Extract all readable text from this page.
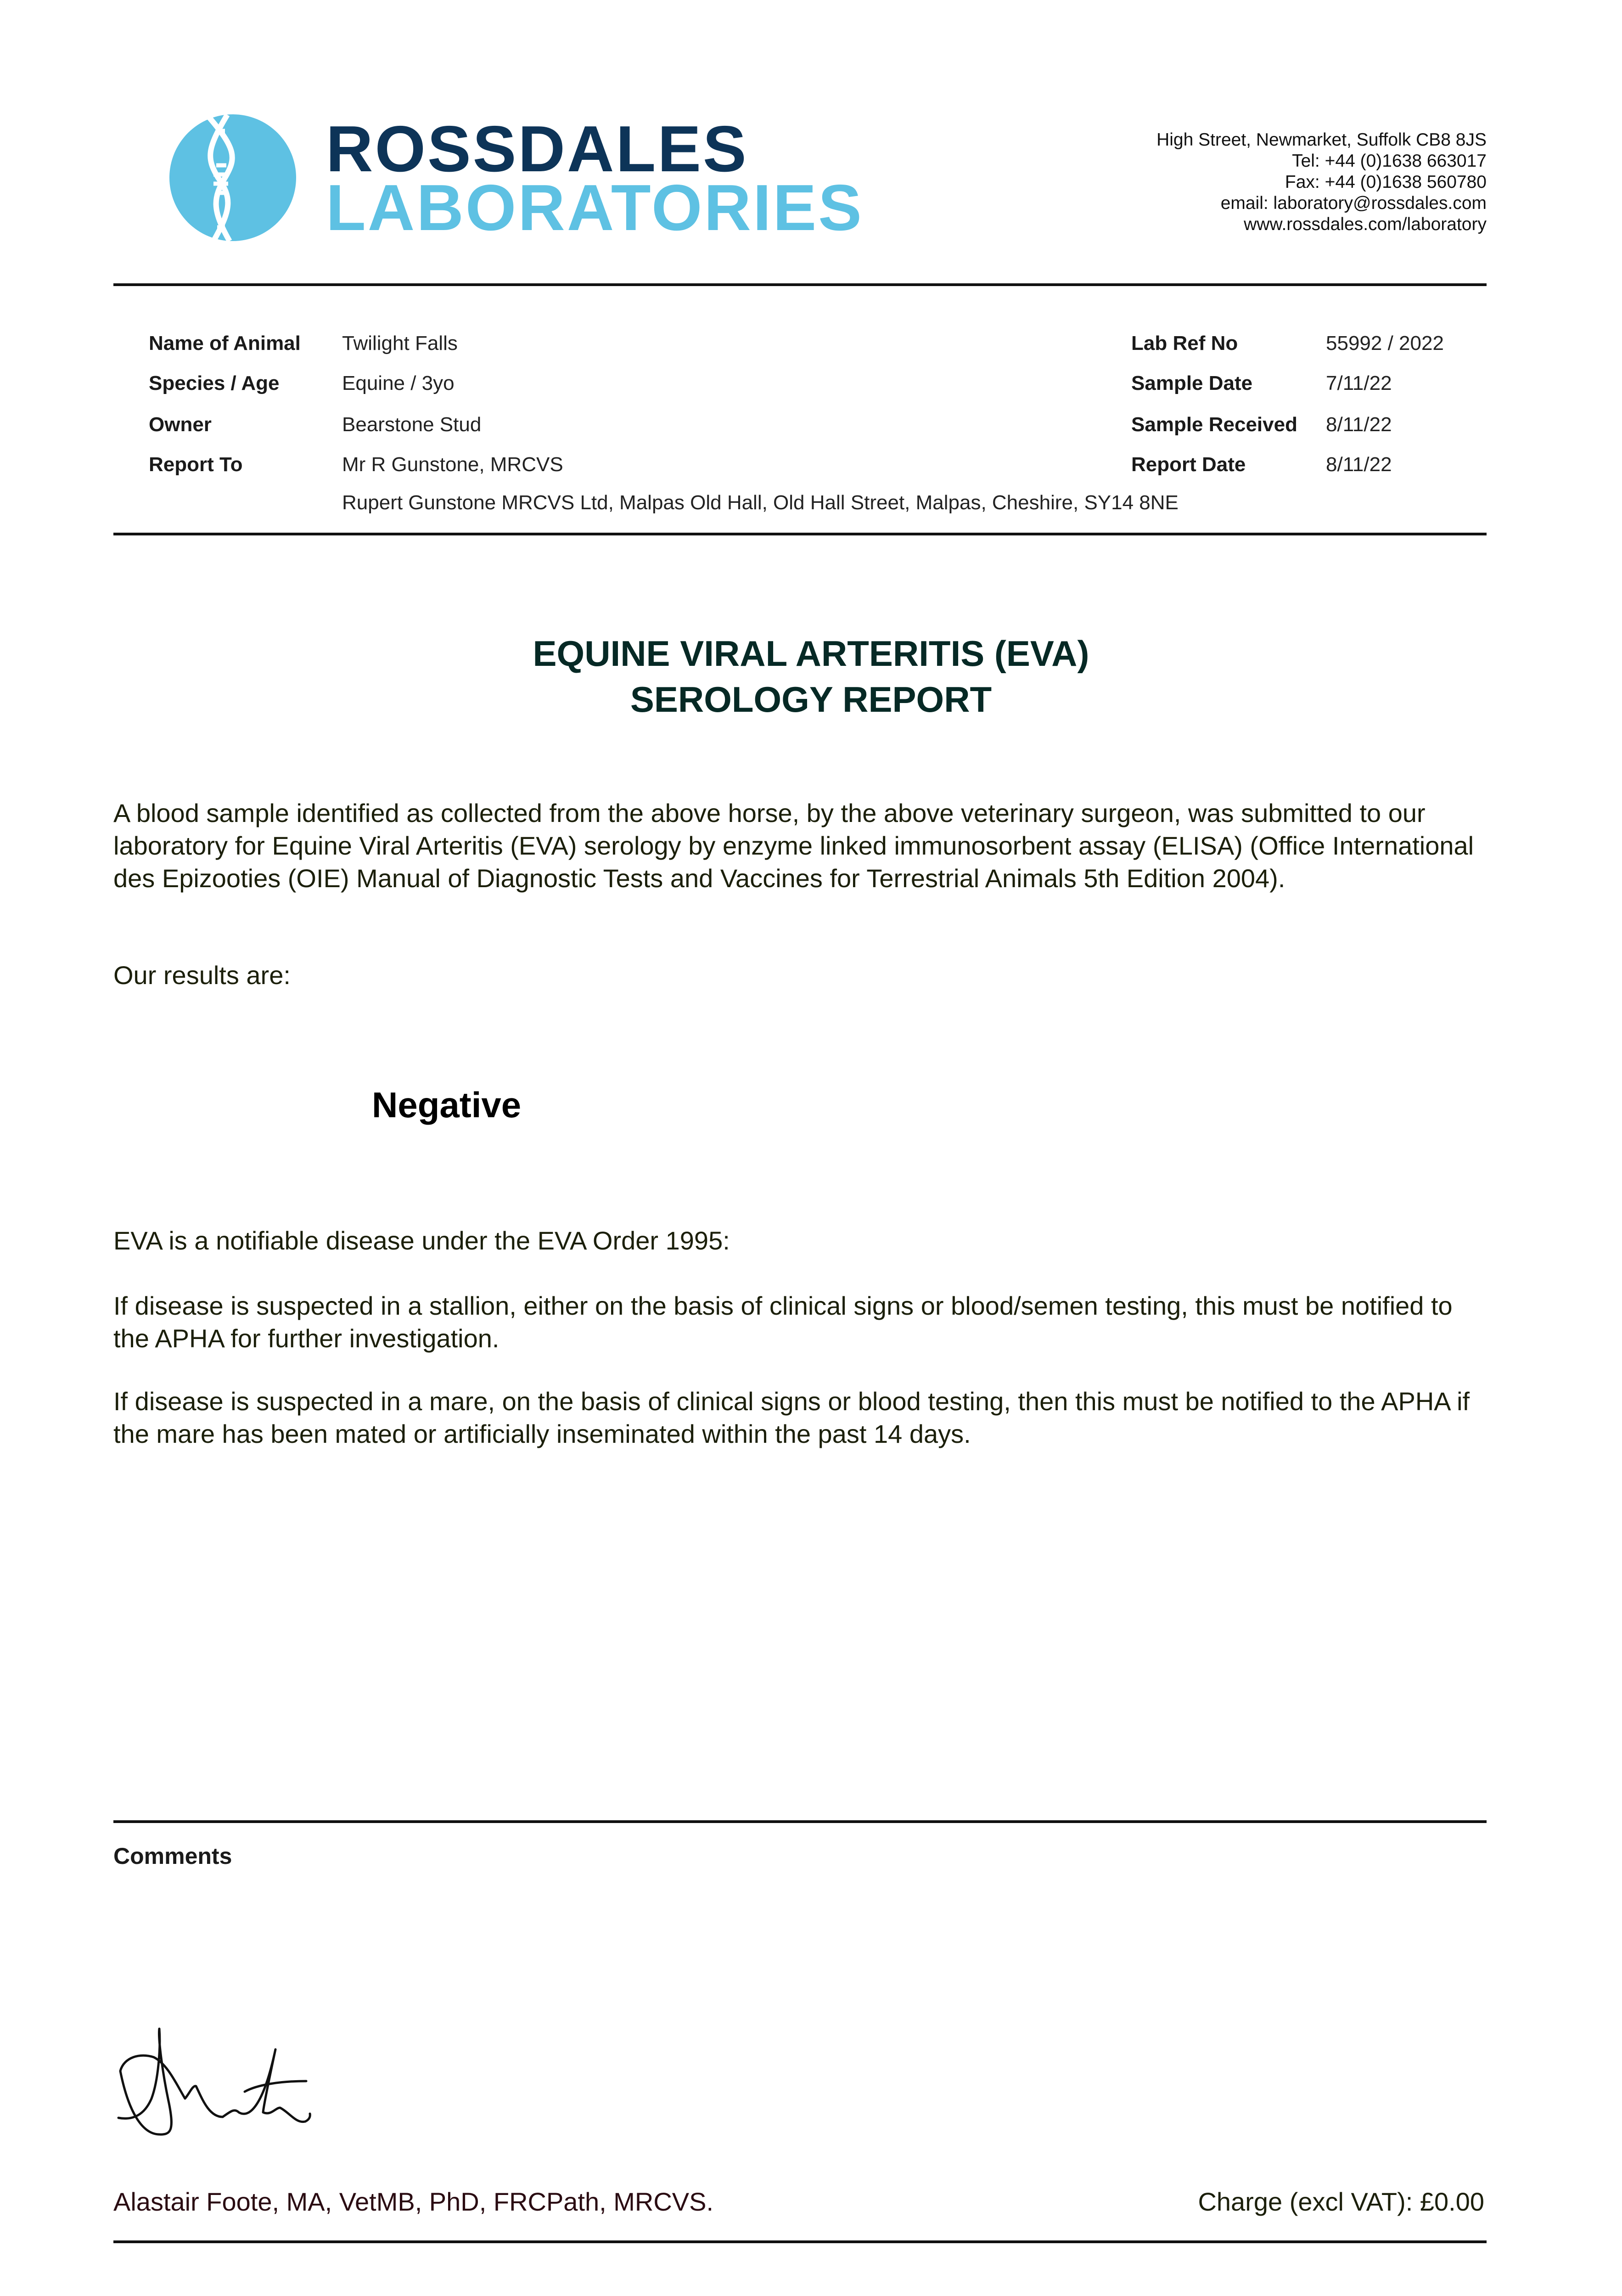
ROSSDALES
LABORATORIES
High Street, Newmarket, Suffolk CB8 8JS
Tel: +44 (0)1638 663017
Fax: +44 (0)1638 560780
email: laboratory@rossdales.com
www.rossdales.com/laboratory
Name of Animal Twilight Falls
Species / Age	Equine / 3yo
Owner	Bearstone Stud
Report To	Mr R Gunstone, MRCVS
Rupert Gunstone MRCVS Ltd, Malpas Old Hall, Old Hall Street, Malpas, Cheshire, SY14 8NE
Lab Ref No	55992 / 2022
Sample Date	7/11/22
Sample Received 8/11/22
Report Date	8/11/22
EQUINE VIRAL ARTERITIS (EVA)
SEROLOGY REPORT
A blood sample identified as collected from the above horse, by the above veterinary surgeon, was submitted to our laboratory for Equine Viral Arteritis (EVA) serology by enzyme linked immunosorbent assay (ELISA) (Office International des Epizooties (OIE) Manual of Diagnostic Tests and Vaccines for Terrestrial Animals 5th Edition 2004).
Our results are:
Negative
EVA is a notifiable disease under the EVA Order 1995:
If disease is suspected in a stallion, either on the basis of clinical signs or blood/semen testing, this must be notified to the APHA for further investigation.
If disease is suspected in a mare, on the basis of clinical signs or blood testing, then this must be notified to the APHA if the mare has been mated or artificially inseminated within the past 14 days.
Comments
Alastair Foote, MA, VetMB, PhD, FRCPath, MRCVS.	Charge (excl VAT): £0.00
